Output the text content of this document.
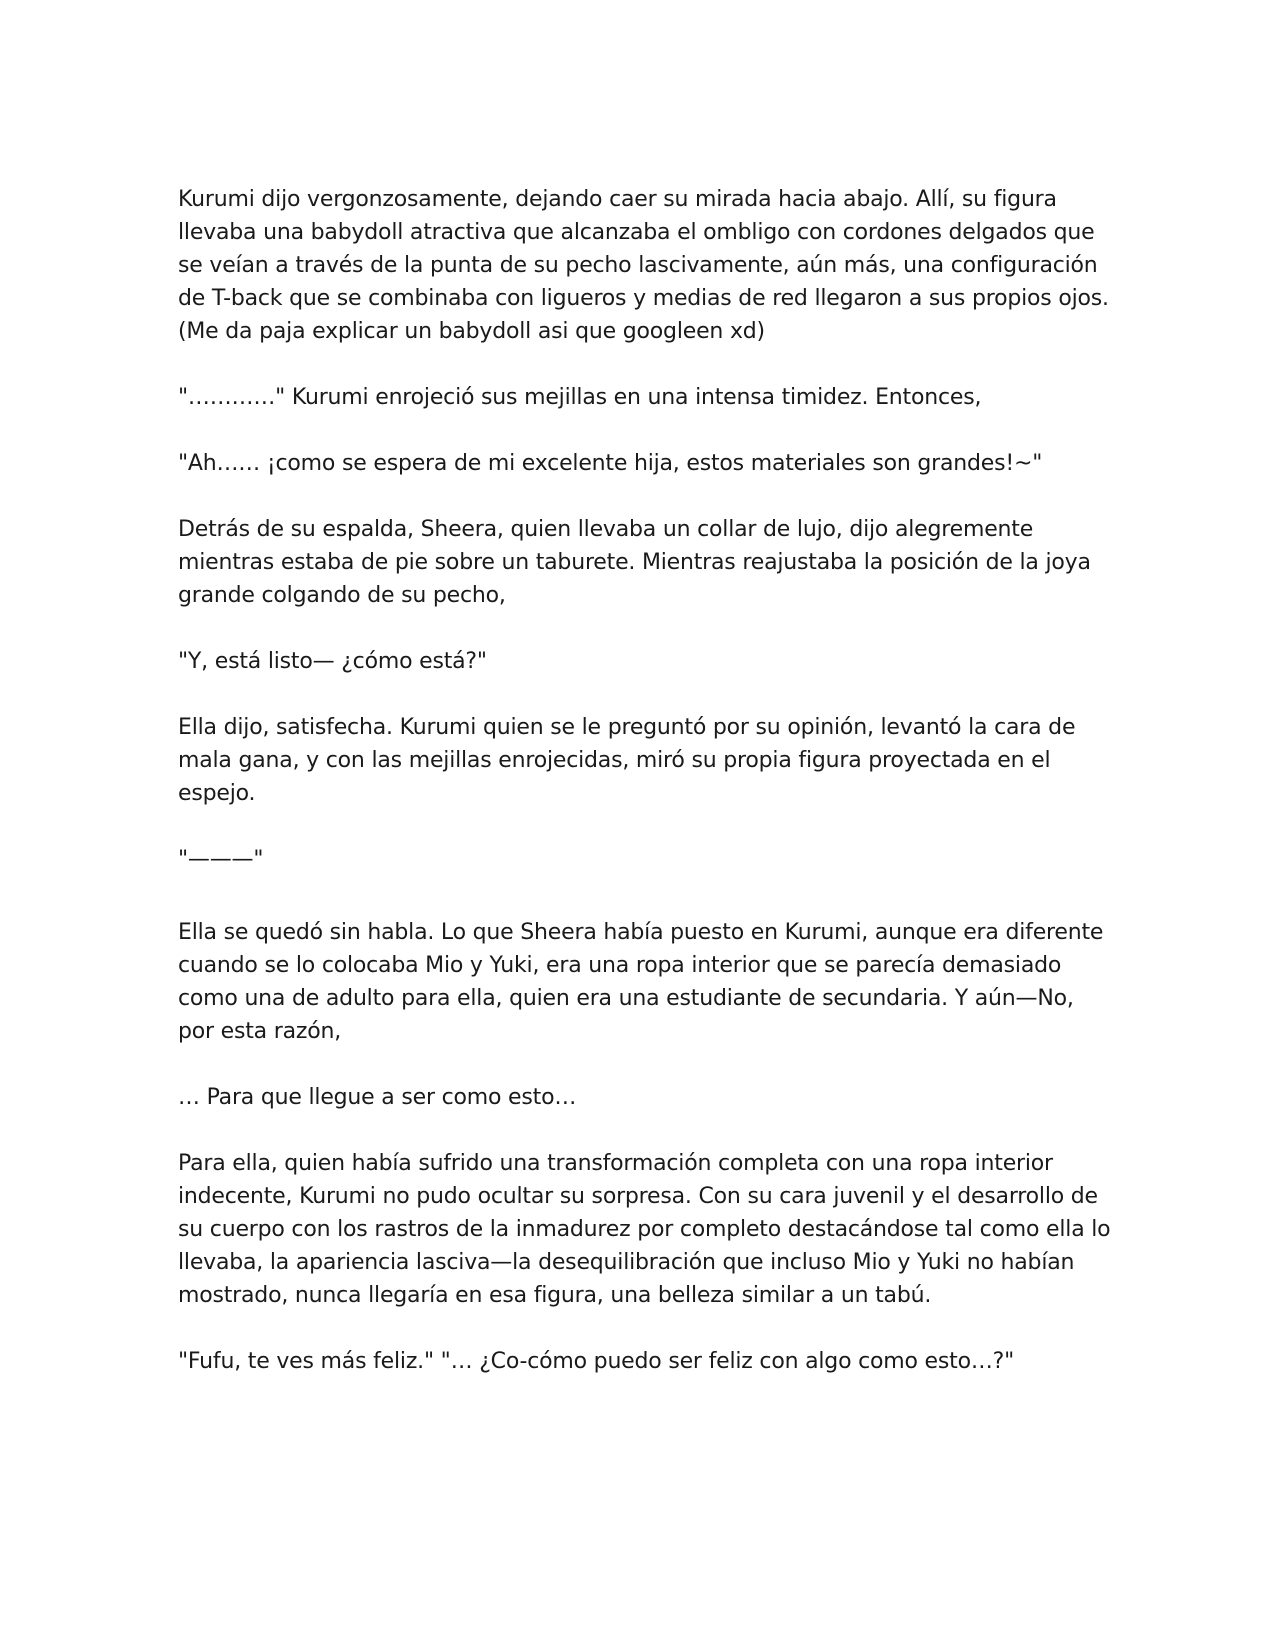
Kurumi dijo vergonzosamente, dejando caer su mirada hacia abajo. Allí, su figura llevaba una babydoll atractiva que alcanzaba el ombligo con cordones delgados que se veían a través de la punta de su pecho lascivamente, aún más, una configuración de T-back que se combinaba con ligueros y medias de red llegaron a sus propios ojos. (Me da paja explicar un babydoll asi que googleen xd)

"…………" Kurumi enrojeció sus mejillas en una intensa timidez. Entonces,

"Ah…… ¡como se espera de mi excelente hija, estos materiales son grandes!~"

Detrás de su espalda, Sheera, quien llevaba un collar de lujo, dijo alegremente mientras estaba de pie sobre un taburete. Mientras reajustaba la posición de la joya grande colgando de su pecho,

"Y, está listo— ¿cómo está?"

Ella dijo, satisfecha. Kurumi quien se le preguntó por su opinión, levantó la cara de mala gana, y con las mejillas enrojecidas, miró su propia figura proyectada en el espejo.

"———"

Ella se quedó sin habla. Lo que Sheera había puesto en Kurumi, aunque era diferente cuando se lo colocaba Mio y Yuki, era una ropa interior que se parecía demasiado como una de adulto para ella, quien era una estudiante de secundaria. Y aún—No, por esta razón,

… Para que llegue a ser como esto…

Para ella, quien había sufrido una transformación completa con una ropa interior indecente, Kurumi no pudo ocultar su sorpresa. Con su cara juvenil y el desarrollo de su cuerpo con los rastros de la inmadurez por completo destacándose tal como ella lo llevaba, la apariencia lasciva—la desequilibración que incluso Mio y Yuki no habían mostrado, nunca llegaría en esa figura, una belleza similar a un tabú.

"Fufu, te ves más feliz." "… ¿Co-cómo puedo ser feliz con algo como esto…?"
